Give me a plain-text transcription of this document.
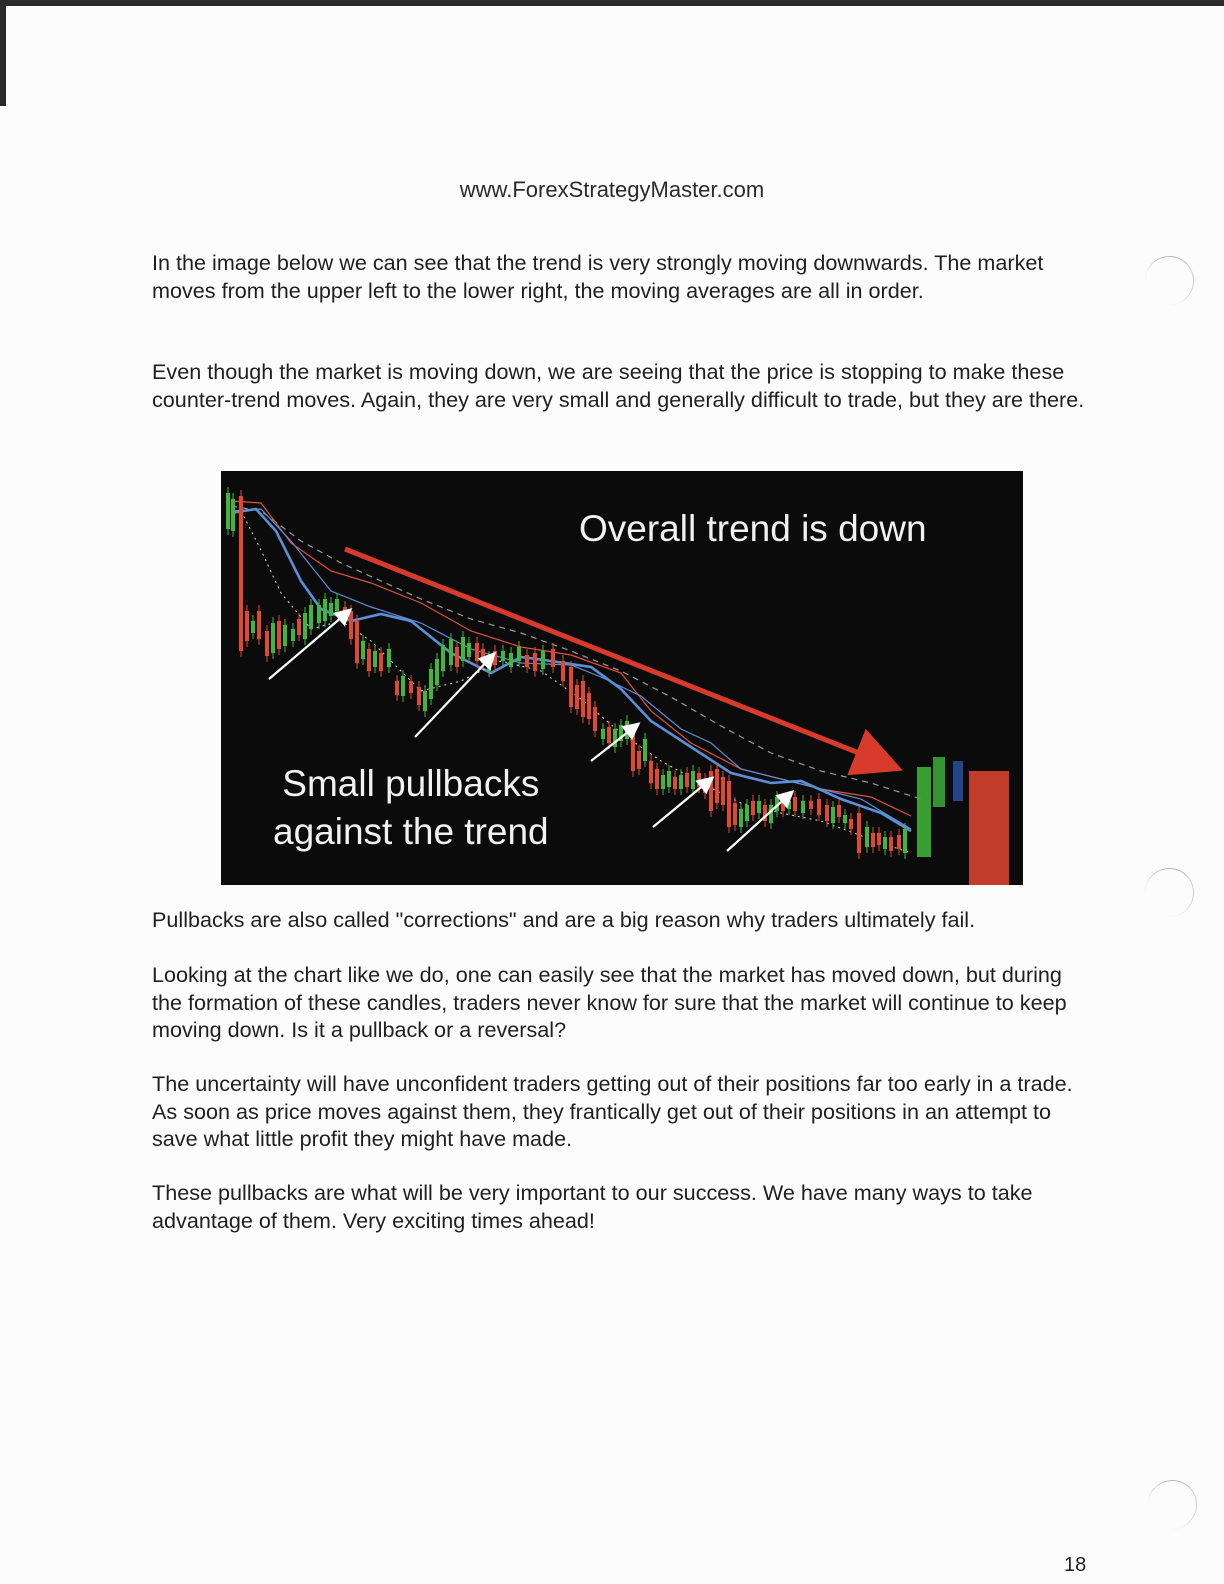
www.ForexStrategyMaster.com

In the image below we can see that the trend is very strongly moving downwards. The market moves from the upper left to the lower right, the moving averages are all in order.

Even though the market is moving down, we are seeing that the price is stopping to make these counter-trend moves. Again, they are very small and generally difficult to trade, but they are there.

Overall trend is down
Small pullbacks
against the trend

Pullbacks are also called "corrections" and are a big reason why traders ultimately fail.

Looking at the chart like we do, one can easily see that the market has moved down, but during the formation of these candles, traders never know for sure that the market will continue to keep moving down. Is it a pullback or a reversal?

The uncertainty will have unconfident traders getting out of their positions far too early in a trade. As soon as price moves against them, they frantically get out of their positions in an attempt to save what little profit they might have made.

These pullbacks are what will be very important to our success. We have many ways to take advantage of them. Very exciting times ahead!

18
